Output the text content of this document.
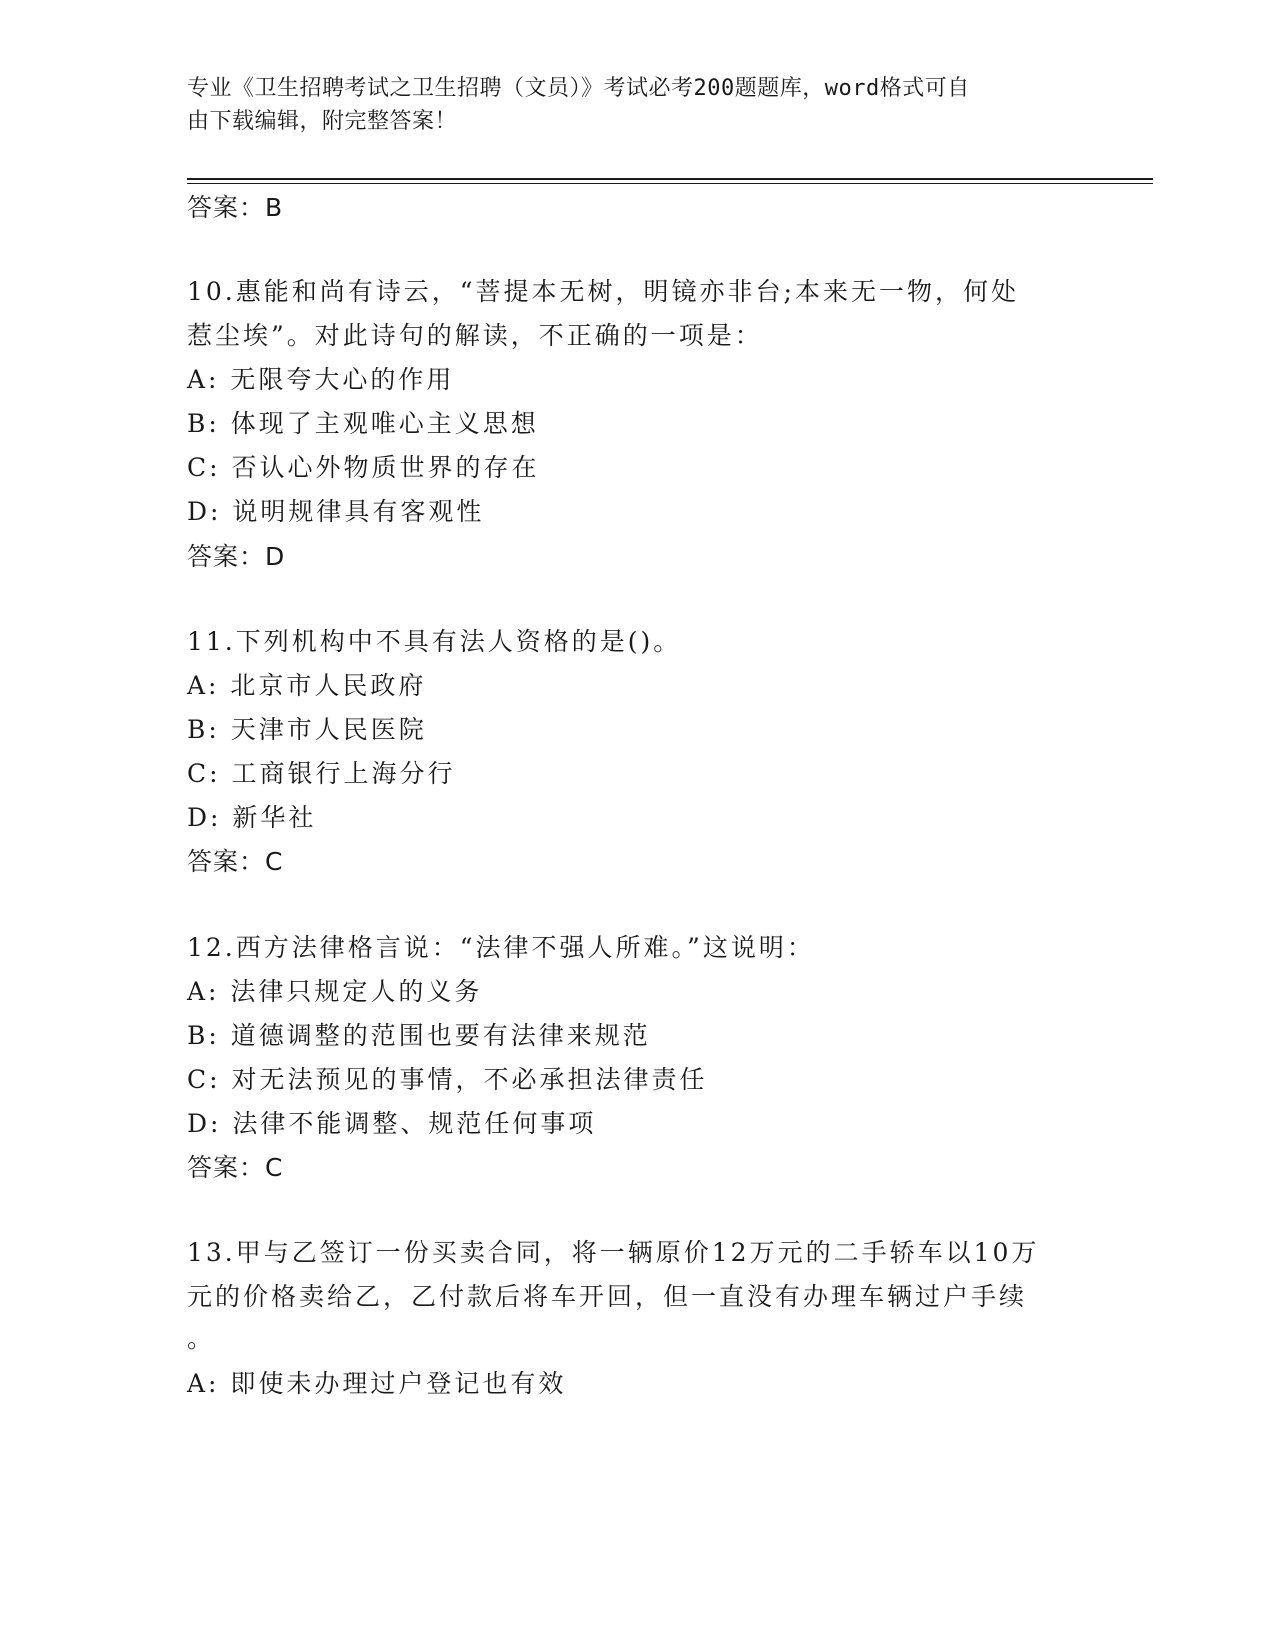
专业《卫生招聘考试之卫生招聘（文员）》考试必考200题题库，word格式可自
由下载编辑，附完整答案！
答案：B
10.惠能和尚有诗云，“菩提本无树，明镜亦非台;本来无一物，何处
惹尘埃”。对此诗句的解读，不正确的一项是：
A: 无限夸大心的作用
B: 体现了主观唯心主义思想
C: 否认心外物质世界的存在
D: 说明规律具有客观性
答案：D
11.下列机构中不具有法人资格的是()。
A: 北京市人民政府
B: 天津市人民医院
C: 工商银行上海分行
D: 新华社
答案：C
12.西方法律格言说：“法律不强人所难。”这说明：
A: 法律只规定人的义务
B: 道德调整的范围也要有法律来规范
C: 对无法预见的事情，不必承担法律责任
D: 法律不能调整、规范任何事项
答案：C
13.甲与乙签订一份买卖合同，将一辆原价12万元的二手轿车以10万
元的价格卖给乙，乙付款后将车开回，但一直没有办理车辆过户手续
。
A: 即使未办理过户登记也有效
